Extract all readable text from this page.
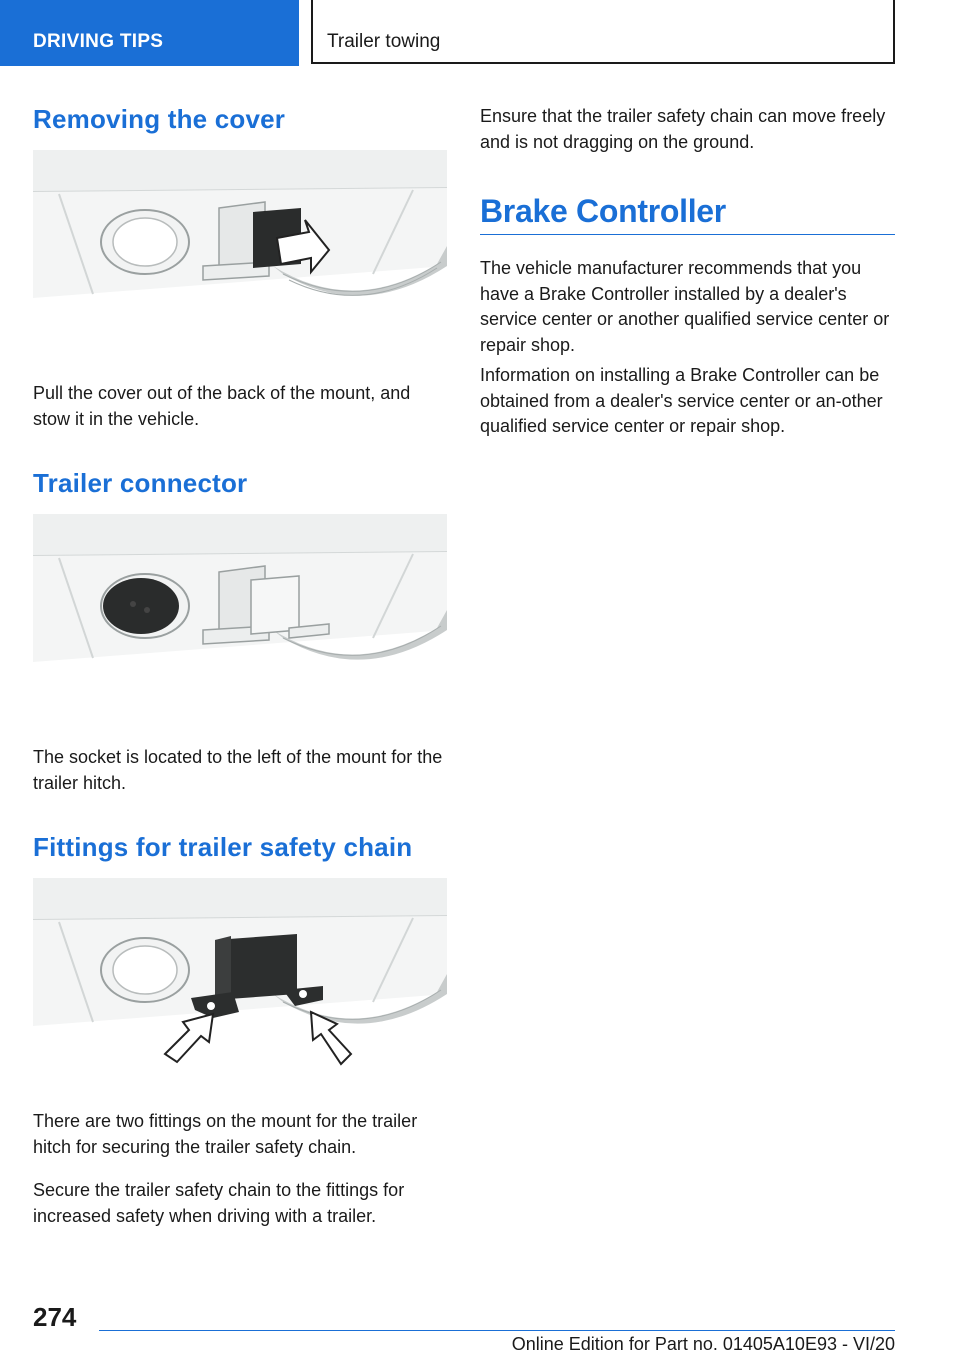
DRIVING TIPS	Trailer towing
Removing the cover

Pull the cover out of the back of the mount, and stow it in the vehicle.

Trailer connector

The socket is located to the left of the mount for the trailer hitch.

Fittings for trailer safety chain

There are two fittings on the mount for the trailer hitch for securing the trailer safety chain.

Secure the trailer safety chain to the fittings for increased safety when driving with a trailer.

Ensure that the trailer safety chain can move freely and is not dragging on the ground.

Brake Controller

The vehicle manufacturer recommends that you have a Brake Controller installed by a dealer's service center or another qualified service center or repair shop.

Information on installing a Brake Controller can be obtained from a dealer's service center or an‐other qualified service center or repair shop.

274
Online Edition for Part no. 01405A10E93 - VI/20
